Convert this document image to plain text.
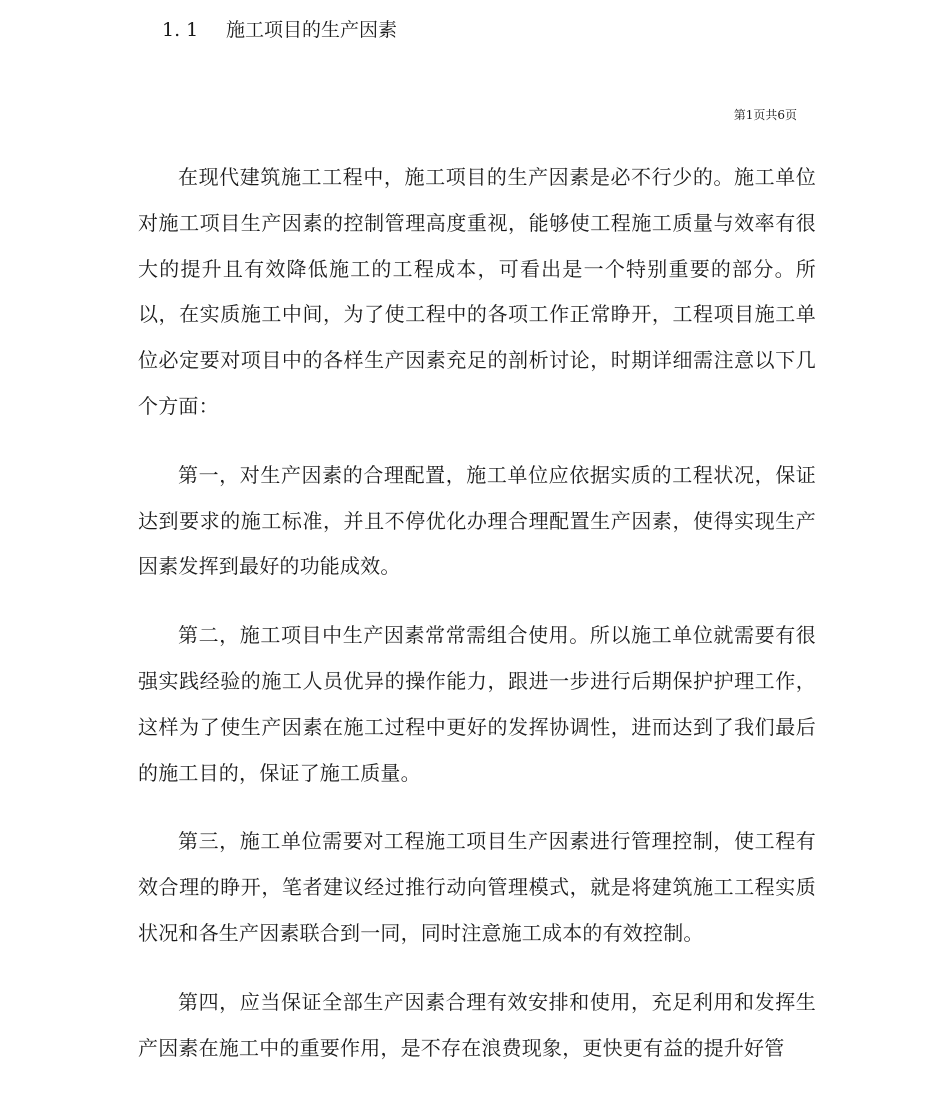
1. 1 施工项目的生产因素
第1页共6页

在现代建筑施工工程中，施工项目的生产因素是必不行少的。施工单位对施工项目生产因素的控制管理高度重视，能够使工程施工质量与效率有很大的提升且有效降低施工的工程成本，可看出是一个特别重要的部分。所以，在实质施工中间，为了使工程中的各项工作正常睁开，工程项目施工单位必定要对项目中的各样生产因素充足的剖析讨论，时期详细需注意以下几个方面：

第一，对生产因素的合理配置，施工单位应依据实质的工程状况，保证达到要求的施工标准，并且不停优化办理合理配置生产因素，使得实现生产因素发挥到最好的功能成效。

第二，施工项目中生产因素常常需组合使用。所以施工单位就需要有很强实践经验的施工人员优异的操作能力，跟进一步进行后期保护护理工作，这样为了使生产因素在施工过程中更好的发挥协调性，进而达到了我们最后的施工目的，保证了施工质量。

第三，施工单位需要对工程施工项目生产因素进行管理控制，使工程有效合理的睁开，笔者建议经过推行动向管理模式，就是将建筑施工工程实质状况和各生产因素联合到一同，同时注意施工成本的有效控制。

第四，应当保证全部生产因素合理有效安排和使用，充足利用和发挥生产因素在施工中的重要作用，是不存在浪费现象，更快更有益的提升好管
